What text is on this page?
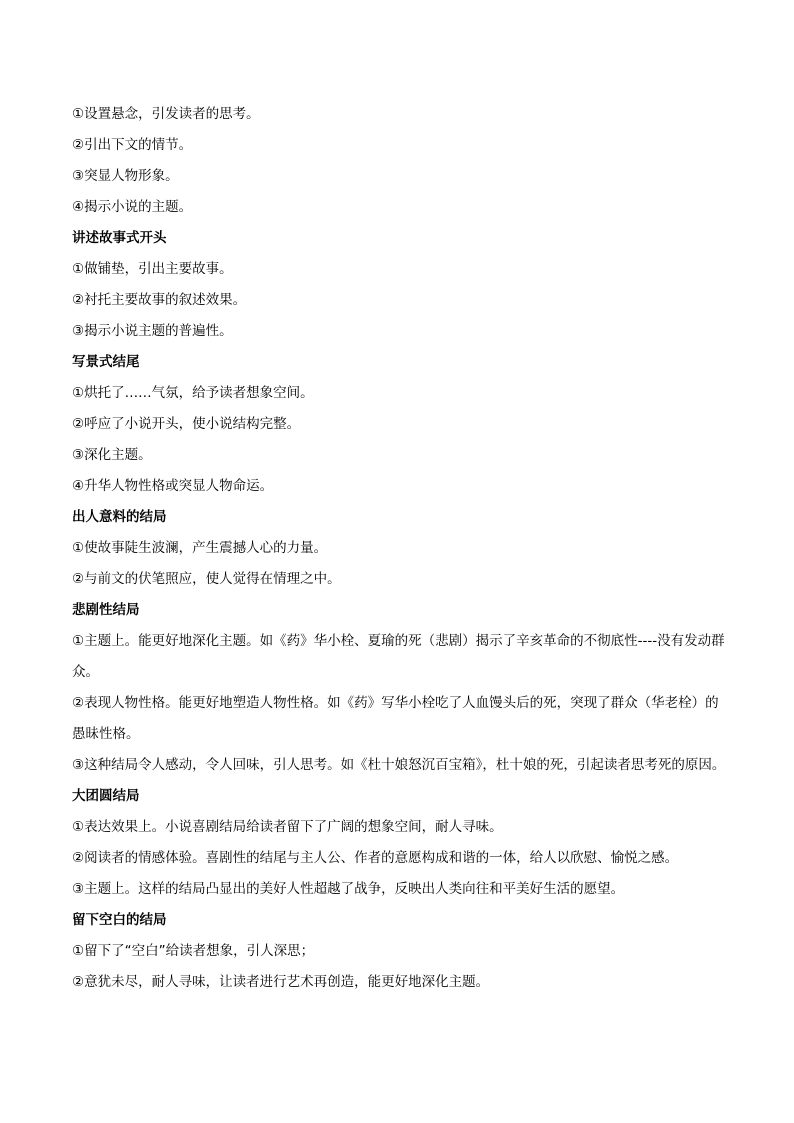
①设置悬念，引发读者的思考。
②引出下文的情节。
③突显人物形象。
④揭示小说的主题。
讲述故事式开头
①做铺垫，引出主要故事。
②衬托主要故事的叙述效果。
③揭示小说主题的普遍性。
写景式结尾
①烘托了……气氛，给予读者想象空间。
②呼应了小说开头，使小说结构完整。
③深化主题。
④升华人物性格或突显人物命运。
出人意料的结局
①使故事陡生波澜，产生震撼人心的力量。
②与前文的伏笔照应，使人觉得在情理之中。
悲剧性结局
①主题上。能更好地深化主题。如《药》华小栓、夏瑜的死（悲剧）揭示了辛亥革命的不彻底性----没有发动群众。
②表现人物性格。能更好地塑造人物性格。如《药》写华小栓吃了人血馒头后的死，突现了群众（华老栓）的愚昧性格。
③这种结局令人感动，令人回味，引人思考。如《杜十娘怒沉百宝箱》，杜十娘的死，引起读者思考死的原因。
大团圆结局
①表达效果上。小说喜剧结局给读者留下了广阔的想象空间，耐人寻味。
②阅读者的情感体验。喜剧性的结尾与主人公、作者的意愿构成和谐的一体，给人以欣慰、愉悦之感。
③主题上。这样的结局凸显出的美好人性超越了战争，反映出人类向往和平美好生活的愿望。
留下空白的结局
①留下了“空白”给读者想象，引人深思；
②意犹未尽，耐人寻味，让读者进行艺术再创造，能更好地深化主题。
